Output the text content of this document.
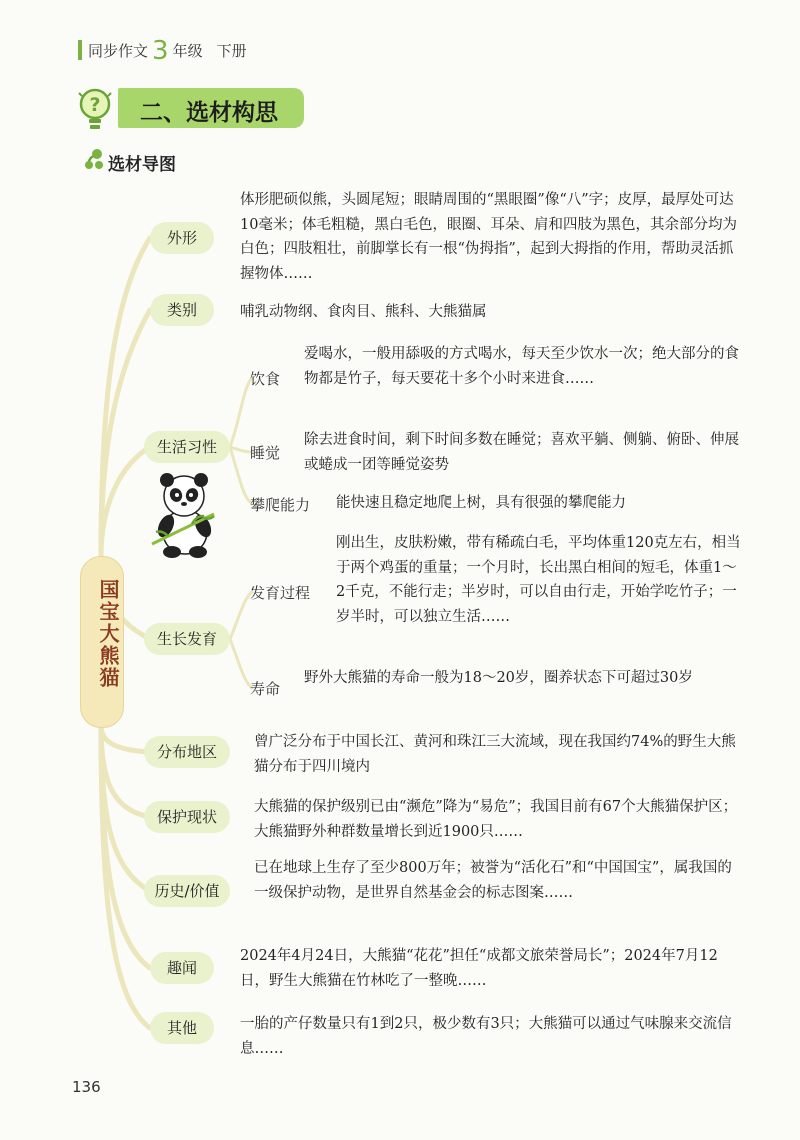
同步作文 3 年级 下册
? 二、选材构思
选材导图
国宝大熊猫
外形
类别
生活习性
生长发育
分布地区
保护现状
历史/价值
趣闻
其他
饮食
睡觉
攀爬能力
发育过程
寿命
体形肥硕似熊，头圆尾短；眼睛周围的“黑眼圈”像“八”字；皮厚，最厚处可达10毫米；体毛粗糙，黑白毛色，眼圈、耳朵、肩和四肢为黑色，其余部分均为白色；四肢粗壮，前脚掌长有一根“伪拇指”，起到大拇指的作用，帮助灵活抓握物体……
哺乳动物纲、食肉目、熊科、大熊猫属
爱喝水，一般用舔吸的方式喝水，每天至少饮水一次；绝大部分的食物都是竹子，每天要花十多个小时来进食……
除去进食时间，剩下时间多数在睡觉；喜欢平躺、侧躺、俯卧、伸展或蜷成一团等睡觉姿势
能快速且稳定地爬上树，具有很强的攀爬能力
刚出生，皮肤粉嫩，带有稀疏白毛，平均体重120克左右，相当于两个鸡蛋的重量；一个月时，长出黑白相间的短毛，体重1～2千克，不能行走；半岁时，可以自由行走，开始学吃竹子；一岁半时，可以独立生活……
野外大熊猫的寿命一般为18～20岁，圈养状态下可超过30岁
曾广泛分布于中国长江、黄河和珠江三大流域，现在我国约74%的野生大熊猫分布于四川境内
大熊猫的保护级别已由“濒危”降为“易危”；我国目前有67个大熊猫保护区；大熊猫野外种群数量增长到近1900只……
已在地球上生存了至少800万年；被誉为“活化石”和“中国国宝”，属我国的一级保护动物，是世界自然基金会的标志图案……
2024年4月24日，大熊猫“花花”担任“成都文旅荣誉局长”；2024年7月12日，野生大熊猫在竹林吃了一整晚……
一胎的产仔数量只有1到2只，极少数有3只；大熊猫可以通过气味腺来交流信息……
136
